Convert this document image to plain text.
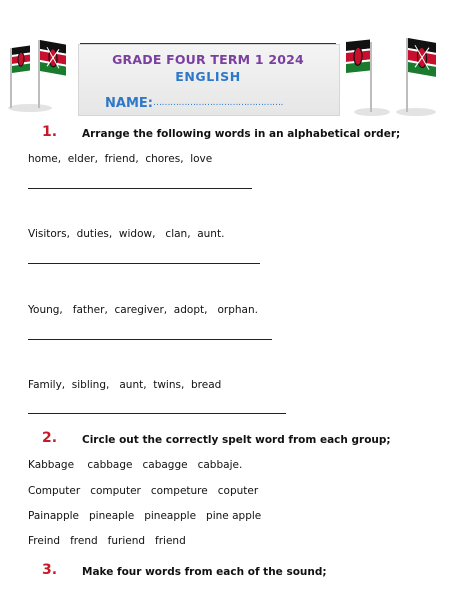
GRADE FOUR TERM 1 2024
ENGLISH
NAME: ……………………………………….
1. Arrange the following words in an alphabetical order;
home,  elder,  friend,  chores,  love
Visitors,  duties,  widow,   clan,  aunt.
Young,   father,  caregiver,  adopt,   orphan.
Family,  sibling,   aunt,  twins,  bread
2. Circle out the correctly spelt word from each group;
Kabbage    cabbage   cabagge   cabbaje.
Computer   computer   competure   coputer
Painapple   pineaple   pineapple   pine apple
Freind   frend   furiend   friend
3. Make four words from each of the sound;
